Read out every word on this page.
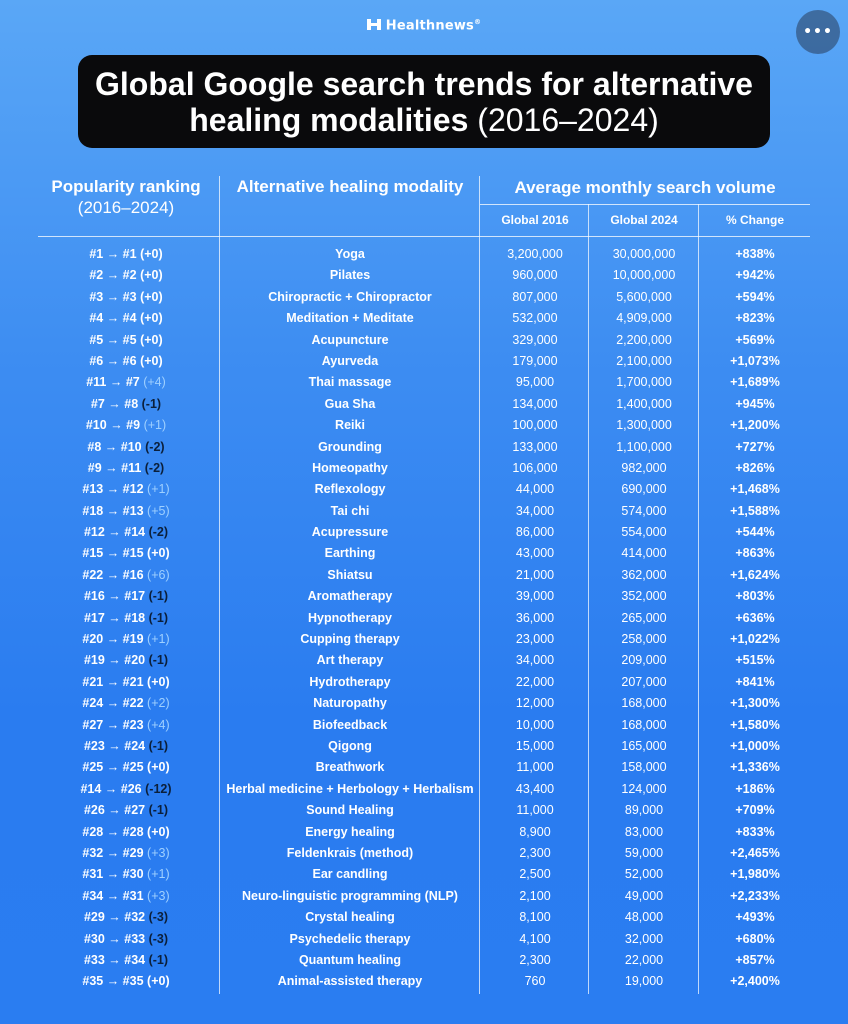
Healthnews®
•••
Global Google search trends for alternative
healing modalities (2016–2024)
Popularity ranking
(2016–2024)
Alternative healing modality	Average monthly search volume
Global 2016	Global 2024	% Change
#1 → #1 (+0)	Yoga	3,200,000	30,000,000	+838%
#2 → #2 (+0)	Pilates	960,000	10,000,000	+942%
#3 → #3 (+0)	Chiropractic + Chiropractor	807,000	5,600,000	+594%
#4 → #4 (+0)	Meditation + Meditate	532,000	4,909,000	+823%
#5 → #5 (+0)	Acupuncture	329,000	2,200,000	+569%
#6 → #6 (+0)	Ayurveda	179,000	2,100,000	+1,073%
#11 → #7 (+4)	Thai massage	95,000	1,700,000	+1,689%
#7 → #8 (-1)	Gua Sha	134,000	1,400,000	+945%
#10 → #9 (+1)	Reiki	100,000	1,300,000	+1,200%
#8 → #10 (-2)	Grounding	133,000	1,100,000	+727%
#9 → #11 (-2)	Homeopathy	106,000	982,000	+826%
#13 → #12 (+1)	Reflexology	44,000	690,000	+1,468%
#18 → #13 (+5)	Tai chi	34,000	574,000	+1,588%
#12 → #14 (-2)	Acupressure	86,000	554,000	+544%
#15 → #15 (+0)	Earthing	43,000	414,000	+863%
#22 → #16 (+6)	Shiatsu	21,000	362,000	+1,624%
#16 → #17 (-1)	Aromatherapy	39,000	352,000	+803%
#17 → #18 (-1)	Hypnotherapy	36,000	265,000	+636%
#20 → #19 (+1)	Cupping therapy	23,000	258,000	+1,022%
#19 → #20 (-1)	Art therapy	34,000	209,000	+515%
#21 → #21 (+0)	Hydrotherapy	22,000	207,000	+841%
#24 → #22 (+2)	Naturopathy	12,000	168,000	+1,300%
#27 → #23 (+4)	Biofeedback	10,000	168,000	+1,580%
#23 → #24 (-1)	Qigong	15,000	165,000	+1,000%
#25 → #25 (+0)	Breathwork	11,000	158,000	+1,336%
#14 → #26 (-12)	Herbal medicine + Herbology + Herbalism	43,400	124,000	+186%
#26 → #27 (-1)	Sound Healing	11,000	89,000	+709%
#28 → #28 (+0)	Energy healing	8,900	83,000	+833%
#32 → #29 (+3)	Feldenkrais (method)	2,300	59,000	+2,465%
#31 → #30 (+1)	Ear candling	2,500	52,000	+1,980%
#34 → #31 (+3)	Neuro-linguistic programming (NLP)	2,100	49,000	+2,233%
#29 → #32 (-3)	Crystal healing	8,100	48,000	+493%
#30 → #33 (-3)	Psychedelic therapy	4,100	32,000	+680%
#33 → #34 (-1)	Quantum healing	2,300	22,000	+857%
#35 → #35 (+0)	Animal-assisted therapy	760	19,000	+2,400%
